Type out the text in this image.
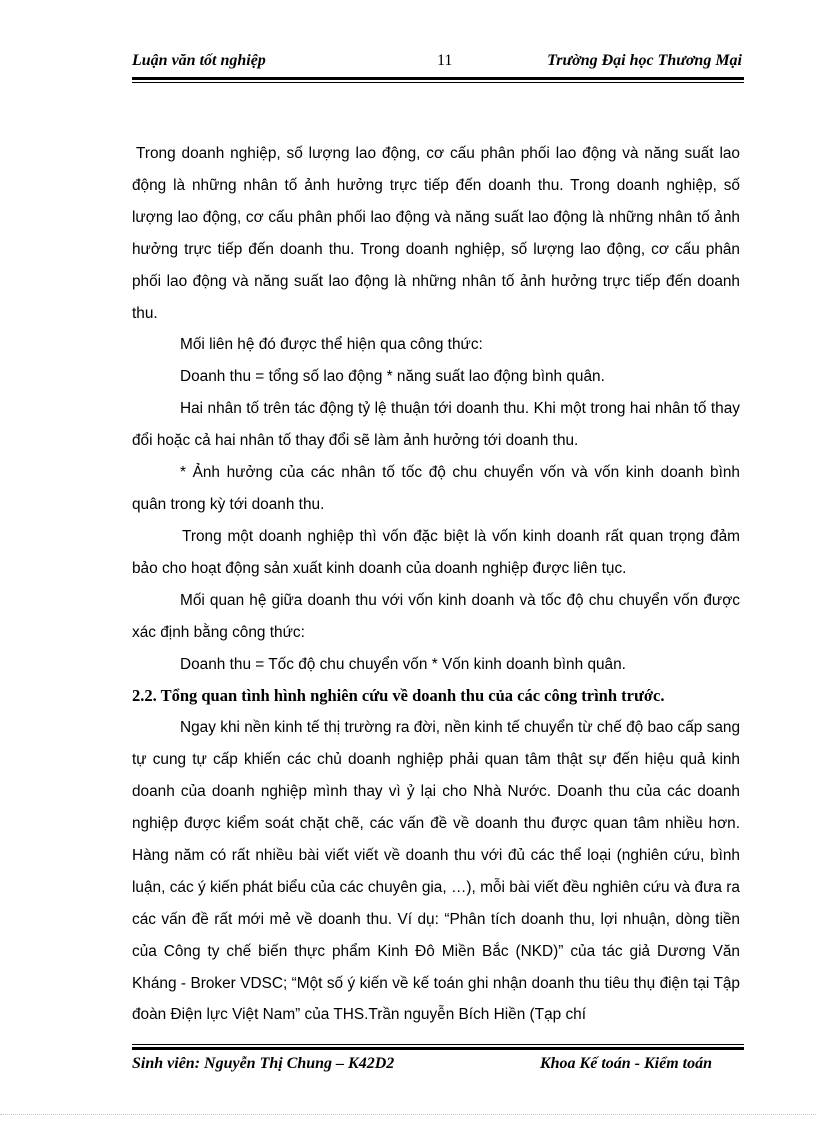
Luận văn tốt nghiệp	11	Trường Đại học Thương Mại

Trong doanh nghiệp, số lượng lao động, cơ cấu phân phối lao động và năng suất lao động là những nhân tố ảnh hưởng trực tiếp đến doanh thu. Trong doanh nghiệp, số lượng lao động, cơ cấu phân phối lao động và năng suất lao động là những nhân tố ảnh hưởng trực tiếp đến doanh thu. Trong doanh nghiệp, số lượng lao động, cơ cấu phân phối lao động và năng suất lao động là những nhân tố ảnh hưởng trực tiếp đến doanh thu.

Mối liên hệ đó được thể hiện qua công thức:

Doanh thu = tổng số lao động * năng suất lao động bình quân.

Hai nhân tố trên tác động tỷ lệ thuận tới doanh thu. Khi một trong hai nhân tố thay đổi hoặc cả hai nhân tố thay đổi sẽ làm ảnh hưởng tới doanh thu.

* Ảnh hưởng của các nhân tố tốc độ chu chuyển vốn và vốn kinh doanh bình quân trong kỳ tới doanh thu.

Trong một doanh nghiệp thì vốn đặc biệt là vốn kinh doanh rất quan trọng đảm bảo cho hoạt động sản xuất kinh doanh của doanh nghiệp được liên tục.

Mối quan hệ giữa doanh thu với vốn kinh doanh và tốc độ chu chuyển vốn được xác định bằng công thức:

Doanh thu = Tốc độ chu chuyển vốn * Vốn kinh doanh bình quân.

2.2. Tổng quan tình hình nghiên cứu về doanh thu của các công trình trước.

Ngay khi nền kinh tế thị trường ra đời, nền kinh tế chuyển từ chế độ bao cấp sang tự cung tự cấp khiến các chủ doanh nghiệp phải quan tâm thật sự đến hiệu quả kinh doanh của doanh nghiệp mình thay vì ỷ lại cho Nhà Nước. Doanh thu của các doanh nghiệp được kiểm soát chặt chẽ, các vấn đề về doanh thu được quan tâm nhiều hơn. Hàng năm có rất nhiều bài viết viết về doanh thu với đủ các thể loại (nghiên cứu, bình luận, các ý kiến phát biểu của các chuyên gia, …), mỗi bài viết đều nghiên cứu và đưa ra các vấn đề rất mới mẻ về doanh thu. Ví dụ: “Phân tích doanh thu, lợi nhuận, dòng tiền của Công ty chế biến thực phẩm Kinh Đô Miền Bắc (NKD)” của tác giả Dương Văn Kháng - Broker VDSC; “Một số ý kiến về kế toán ghi nhận doanh thu tiêu thụ điện tại Tập đoàn Điện lực Việt Nam” của THS.Trần nguyễn Bích Hiền (Tạp chí

Sinh viên: Nguyễn Thị Chung – K42D2	Khoa Kế toán - Kiểm toán
